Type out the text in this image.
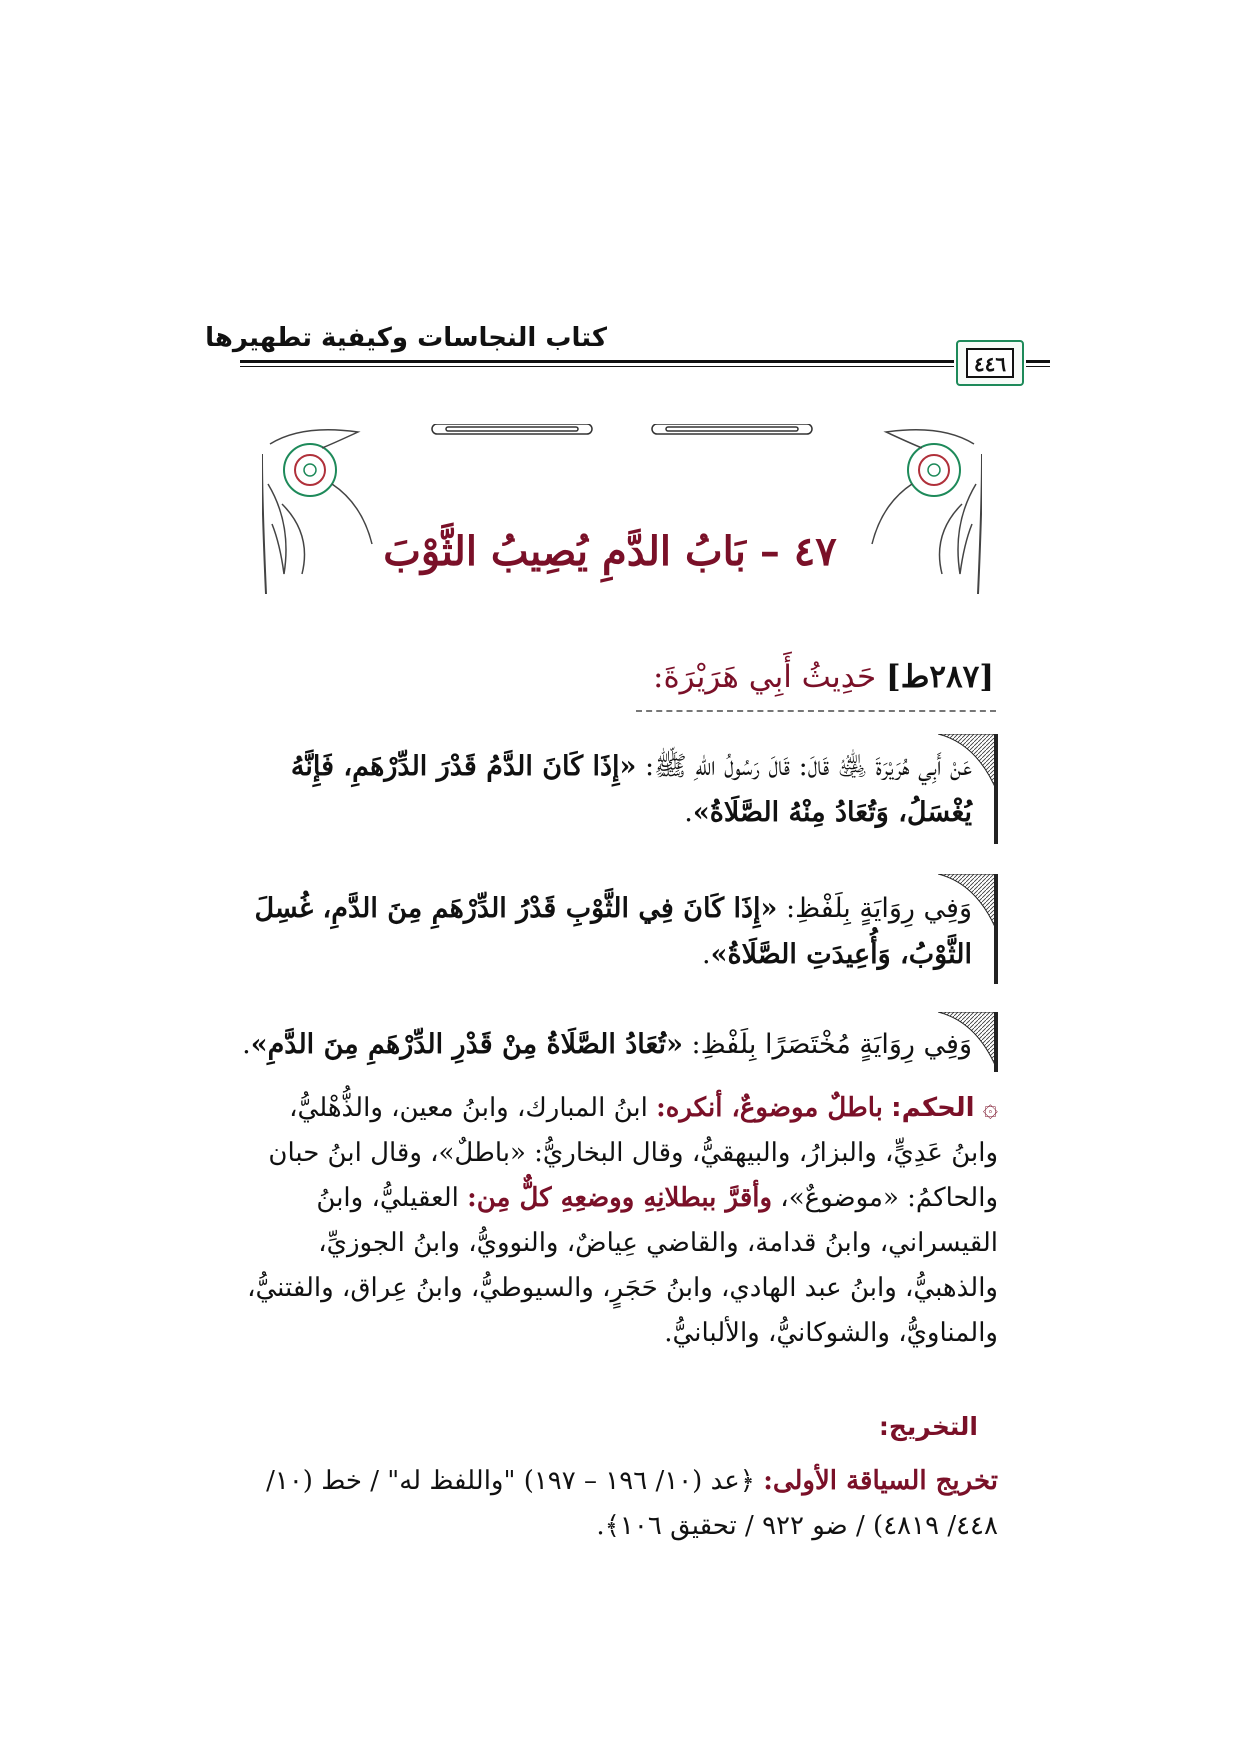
كتاب النجاسات وكيفية تطهيرها
٤٤٦
٤٧ – بَابُ الدَّمِ يُصِيبُ الثَّوْبَ
[٢٨٧ط] حَدِيثُ أَبِي هَرَيْرَةَ:
عَنْ أَبِي هُرَيْرَةَ ﵁ قَالَ: قَالَ رَسُولُ اللهِ ﷺ: «إِذَا كَانَ الدَّمُ قَدْرَ الدِّرْهَمِ، فَإِنَّهُ يُغْسَلُ، وَتُعَادُ مِنْهُ الصَّلَاةُ».
وَفِي رِوَايَةٍ بِلَفْظِ: «إِذَا كَانَ فِي الثَّوْبِ قَدْرُ الدِّرْهَمِ مِنَ الدَّمِ، غُسِلَ الثَّوْبُ، وَأُعِيدَتِ الصَّلَاةُ».
وَفِي رِوَايَةٍ مُخْتَصَرًا بِلَفْظِ: «تُعَادُ الصَّلَاةُ مِنْ قَدْرِ الدِّرْهَمِ مِنَ الدَّمِ».
۞ الحكم: باطلٌ موضوعٌ، أنكره: ابنُ المبارك، وابنُ معين، والذُّهْليُّ، وابنُ عَدِيٍّ، والبزارُ، والبيهقيُّ، وقال البخاريُّ: «باطلٌ»، وقال ابنُ حبان والحاكمُ: «موضوعٌ»، وأقرَّ ببطلانِهِ ووضعِهِ كلٌّ مِن: العقيليُّ، وابنُ القيسراني، وابنُ قدامة، والقاضي عِياضٌ، والنوويُّ، وابنُ الجوزيِّ، والذهبيُّ، وابنُ عبد الهادي، وابنُ حَجَرٍ، والسيوطيُّ، وابنُ عِراق، والفتنيُّ، والمناويُّ، والشوكانيُّ، والألبانيُّ.
التخريج:
تخريج السياقة الأولى: ﴿عد (١٠/ ١٩٦ – ١٩٧) "واللفظ له" / خط (١٠/ ٤٤٨/ ٤٨١٩) / ضو ٩٢٢ / تحقيق ١٠٦﴾.
